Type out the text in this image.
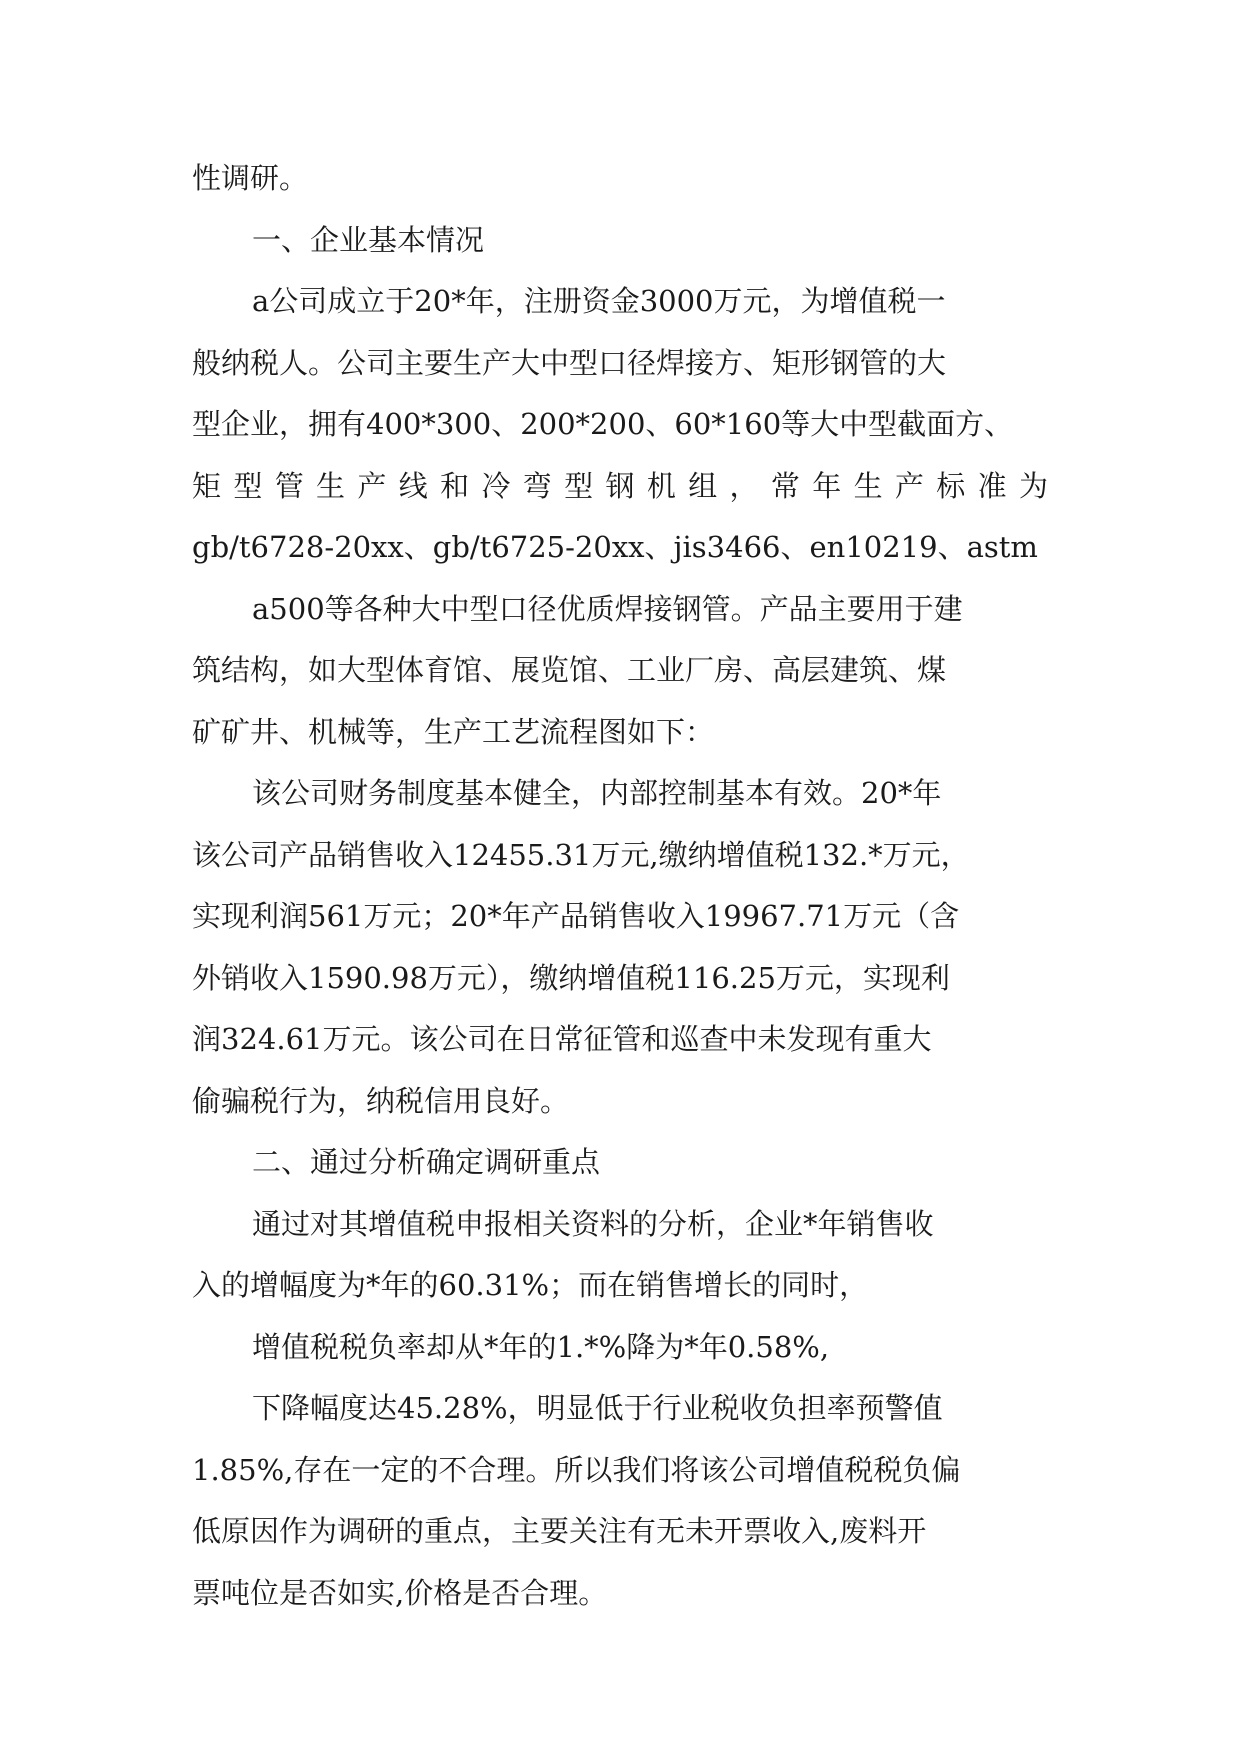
性调研。
一、企业基本情况
a公司成立于20*年，注册资金3000万元，为增值税一
般纳税人。公司主要生产大中型口径焊接方、矩形钢管的大
型企业，拥有400*300、200*200、60*160等大中型截面方、
矩型管生产线和冷弯型钢机组，常年生产标准为
gb/t6728-20xx、gb/t6725-20xx、jis3466、en10219、astm
a500等各种大中型口径优质焊接钢管。产品主要用于建
筑结构，如大型体育馆、展览馆、工业厂房、高层建筑、煤
矿矿井、机械等，生产工艺流程图如下：
该公司财务制度基本健全，内部控制基本有效。20*年
该公司产品销售收入12455.31万元,缴纳增值税132.*万元，
实现利润561万元；20*年产品销售收入19967.71万元（含
外销收入1590.98万元），缴纳增值税116.25万元，实现利
润324.61万元。该公司在日常征管和巡查中未发现有重大
偷骗税行为，纳税信用良好。
二、通过分析确定调研重点
通过对其增值税申报相关资料的分析，企业*年销售收
入的增幅度为*年的60.31%；而在销售增长的同时，
增值税税负率却从*年的1.*%降为*年0.58%,
下降幅度达45.28%，明显低于行业税收负担率预警值
1.85%,存在一定的不合理。所以我们将该公司增值税税负偏
低原因作为调研的重点，主要关注有无未开票收入,废料开
票吨位是否如实,价格是否合理。
